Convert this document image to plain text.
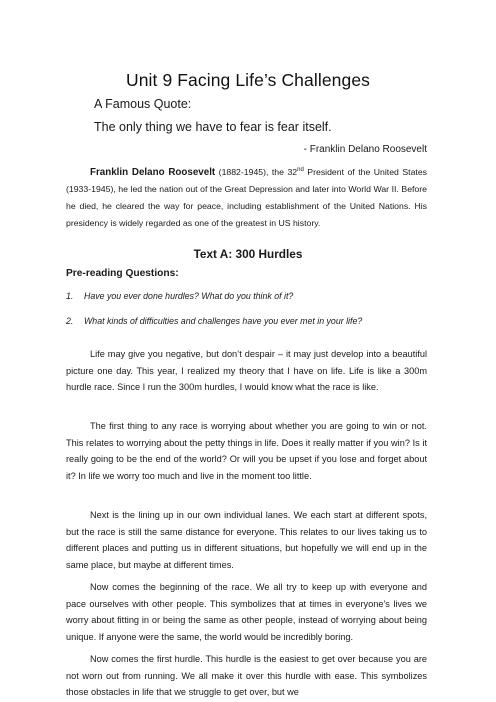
Unit 9 Facing Life’s Challenges
A Famous Quote:
The only thing we have to fear is fear itself.
- Franklin Delano Roosevelt
Franklin Delano Roosevelt (1882-1945), the 32nd President of the United States (1933-1945), he led the nation out of the Great Depression and later into World War II. Before he died, he cleared the way for peace, including establishment of the United Nations. His presidency is widely regarded as one of the greatest in US history.
Text A: 300 Hurdles
Pre-reading Questions:
1. Have you ever done hurdles? What do you think of it?
2. What kinds of difficulties and challenges have you ever met in your life?

Life may give you negative, but don’t despair – it may just develop into a beautiful picture one day. This year, I realized my theory that I have on life. Life is like a 300m hurdle race. Since I run the 300m hurdles, I would know what the race is like.

The first thing to any race is worrying about whether you are going to win or not. This relates to worrying about the petty things in life. Does it really matter if you win? Is it really going to be the end of the world? Or will you be upset if you lose and forget about it? In life we worry too much and live in the moment too little.

Next is the lining up in our own individual lanes. We each start at different spots, but the race is still the same distance for everyone. This relates to our lives taking us to different places and putting us in different situations, but hopefully we will end up in the same place, but maybe at different times.

Now comes the beginning of the race. We all try to keep up with everyone and pace ourselves with other people. This symbolizes that at times in everyone’s lives we worry about fitting in or being the same as other people, instead of worrying about being unique. If anyone were the same, the world would be incredibly boring.

Now comes the first hurdle. This hurdle is the easiest to get over because you are not worn out from running. We all make it over this hurdle with ease. This symbolizes those obstacles in life that we struggle to get over, but we
